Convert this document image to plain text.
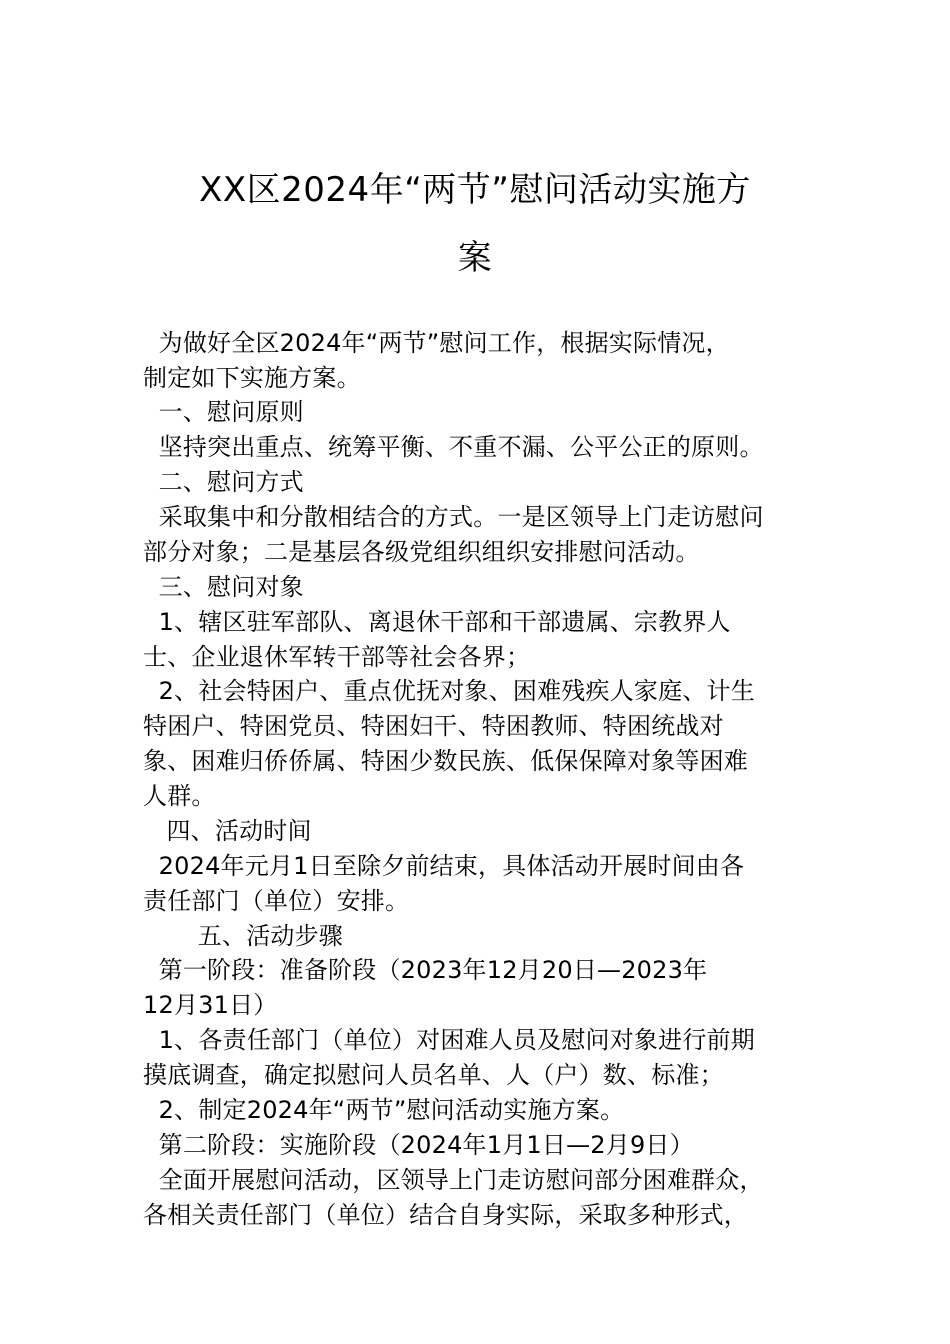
XX区2024年“两节”慰问活动实施方
案
为做好全区2024年“两节”慰问工作，根据实际情况，
制定如下实施方案。
一、慰问原则
坚持突出重点、统筹平衡、不重不漏、公平公正的原则。
二、慰问方式
采取集中和分散相结合的方式。一是区领导上门走访慰问
部分对象；二是基层各级党组织组织安排慰问活动。
三、慰问对象
1、辖区驻军部队、离退休干部和干部遗属、宗教界人
士、企业退休军转干部等社会各界；
2、社会特困户、重点优抚对象、困难残疾人家庭、计生
特困户、特困党员、特困妇干、特困教师、特困统战对
象、困难归侨侨属、特困少数民族、低保保障对象等困难
人群。
四、活动时间
2024年元月1日至除夕前结束，具体活动开展时间由各
责任部门（单位）安排。
五、活动步骤
第一阶段：准备阶段（2023年12月20日—2023年
12月31日）
1、各责任部门（单位）对困难人员及慰问对象进行前期
摸底调查，确定拟慰问人员名单、人（户）数、标准；
2、制定2024年“两节”慰问活动实施方案。
第二阶段：实施阶段（2024年1月1日—2月9日）
全面开展慰问活动，区领导上门走访慰问部分困难群众，
各相关责任部门（单位）结合自身实际，采取多种形式，
